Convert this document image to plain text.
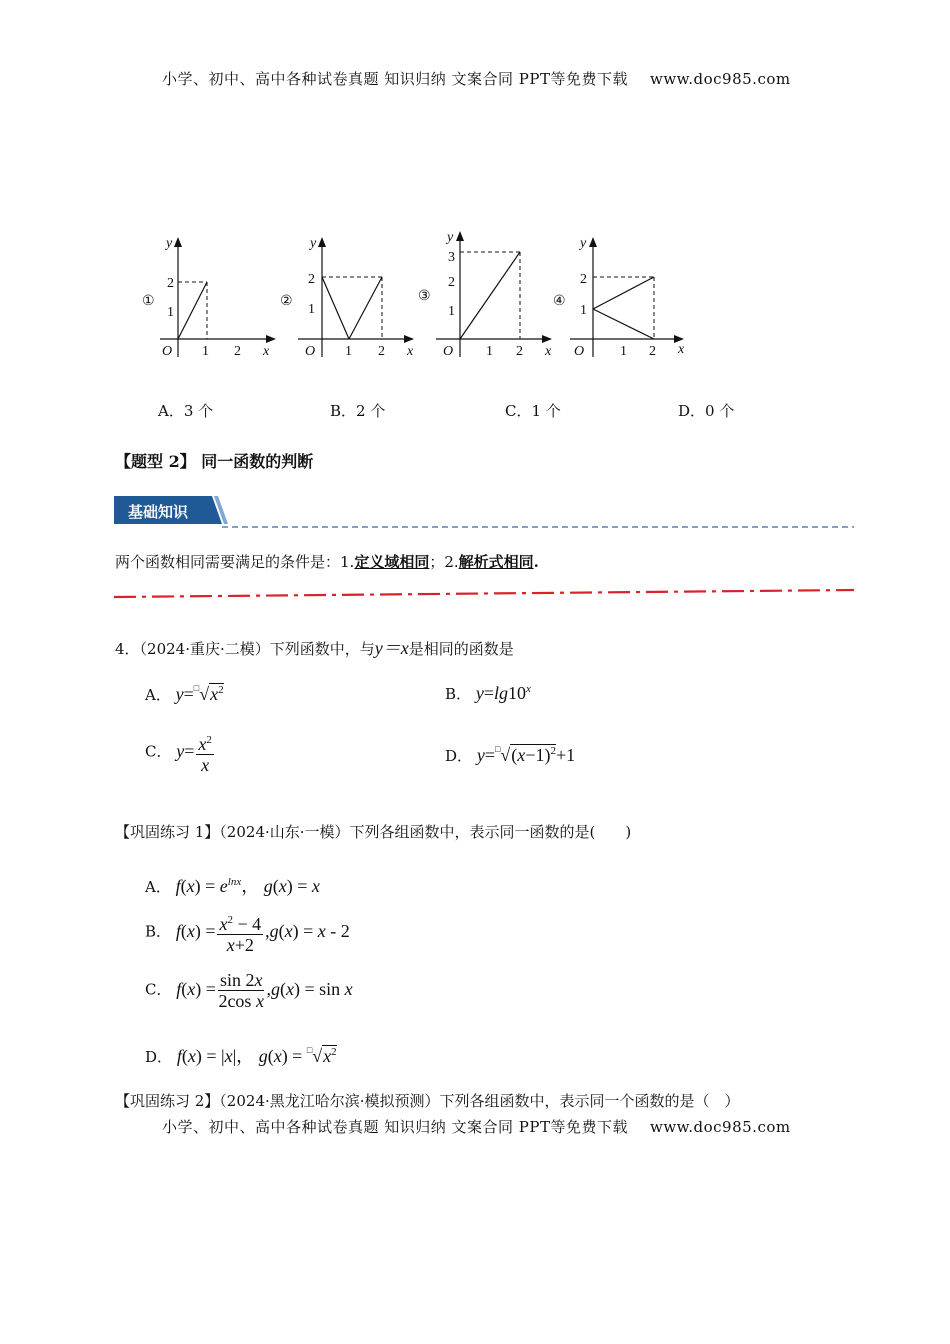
小学、初中、高中各种试卷真题 知识归纳 文案合同 PPT等免费下载 www.doc985.com
①
y
x
O 1 2
1
2
②
y
x
O 1 2
1
2
③
y
x
O 1 2
1
2
3
④
y
x
O	1 2
1
2
A．3 个	B．2 个	C．1 个	D．0 个
【题型 2】 同一函数的判断
基础知识
两个函数相同需要满足的条件是：1.定义域相同；2.解析式相同.
4．（2024·重庆·二模）下列函数中，与y＝x是相同的函数是
A． $y=^□√x^2$	B． $y=\lg 10^x$
C． $y= \frac{x^2}{x}$	D． $y=^□√(x-1)^2+1$
【巩固练习 1】（2024·山东·一模）下列各组函数中，表示同一函数的是(　　)
A． $f(x) = e^{lnx}$， g(x) = x
B． $f(x) = \frac{x^2 - 4}{x+2} ,g(x) = x - 2$
C． $f(x) = \frac{\sin 2x}{\text{2cos x}} ,g(x) = \sin x$
D． f(x) = |x|， $g(x) = ^□√x^2$
【巩固练习 2】（2024·黑龙江哈尔滨·模拟预测）下列各组函数中，表示同一个函数的是（　）
小学、初中、高中各种试卷真题 知识归纳 文案合同 PPT等免费下载 www.doc985.com
